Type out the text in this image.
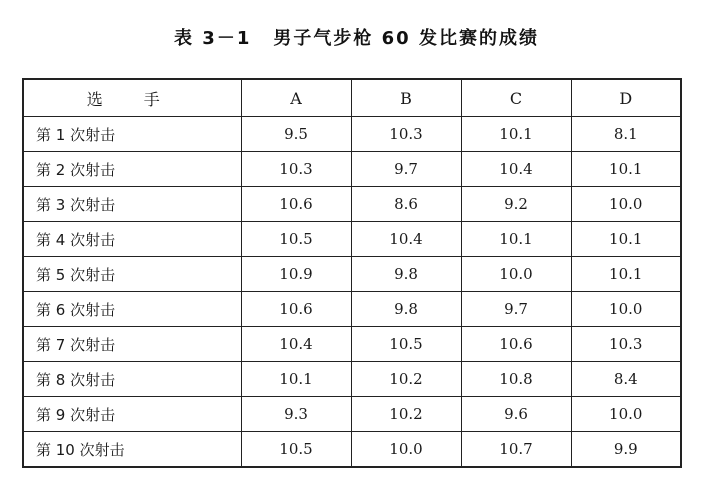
表 3－1 男子气步枪 60 发比赛的成绩
选 手	A	B	C	D
第 1 次射击	9.5	10.3	10.1	8.1
第 2 次射击	10.3	9.7	10.4	10.1
第 3 次射击	10.6	8.6	9.2	10.0
第 4 次射击	10.5	10.4	10.1	10.1
第 5 次射击	10.9	9.8	10.0	10.1
第 6 次射击	10.6	9.8	9.7	10.0
第 7 次射击	10.4	10.5	10.6	10.3
第 8 次射击	10.1	10.2	10.8	8.4
第 9 次射击	9.3	10.2	9.6	10.0
第 10 次射击	10.5	10.0	10.7	9.9
